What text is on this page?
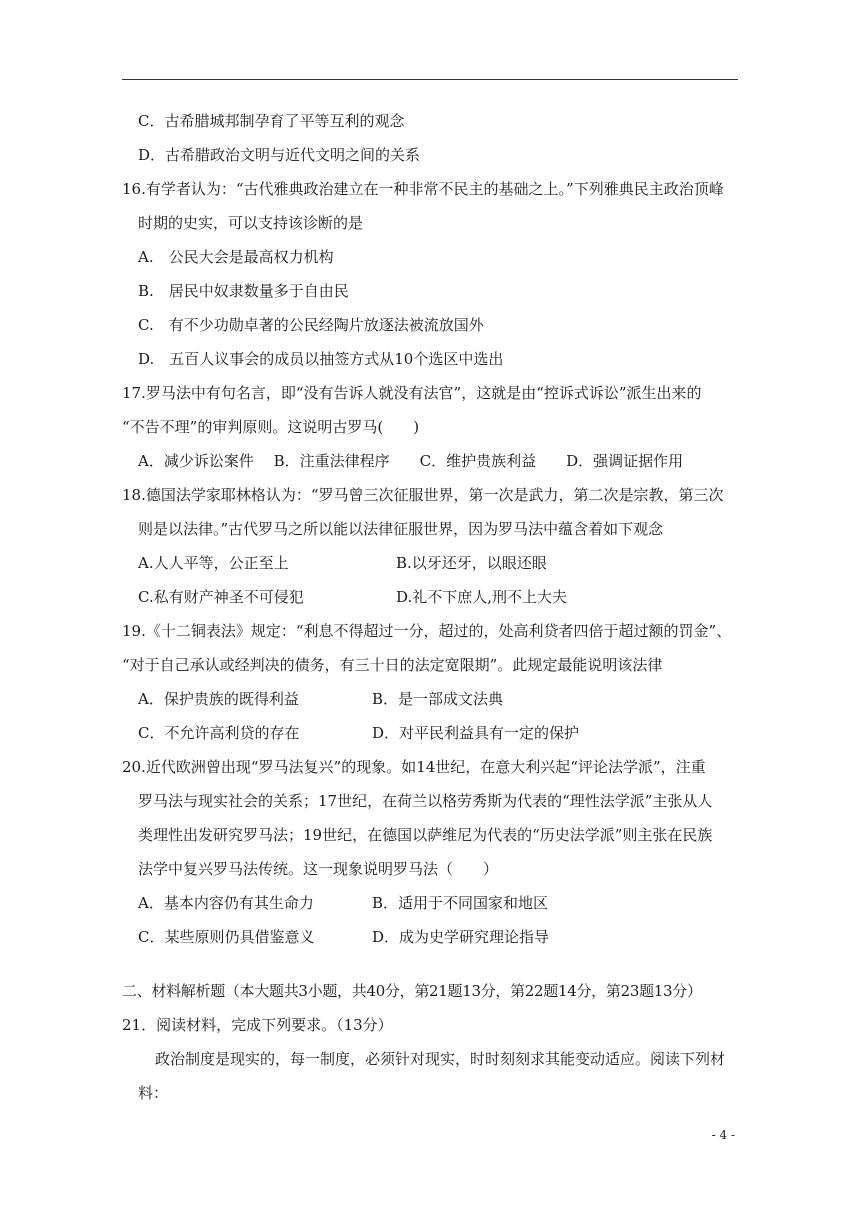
C．古希腊城邦制孕育了平等互利的观念
D．古希腊政治文明与近代文明之间的关系
16.有学者认为：“古代雅典政治建立在一种非常不民主的基础之上。”下列雅典民主政治顶峰
时期的史实，可以支持该诊断的是
A.　公民大会是最高权力机构
B.　居民中奴隶数量多于自由民
C.　有不少功勋卓著的公民经陶片放逐法被流放国外
D.　五百人议事会的成员以抽签方式从10个选区中选出
17.罗马法中有句名言，即“没有告诉人就没有法官”，这就是由“控诉式诉讼”派生出来的
“不告不理”的审判原则。这说明古罗马(　　)
A．减少诉讼案件　 B．注重法律程序　　C．维护贵族利益　　D．强调证据作用
18.德国法学家耶林格认为：“罗马曾三次征服世界，第一次是武力，第二次是宗教，第三次
则是以法律。”古代罗马之所以能以法律征服世界，因为罗马法中蕴含着如下观念
A.人人平等，公正至上	B.以牙还牙，以眼还眼
C.私有财产神圣不可侵犯	D.礼不下庶人,刑不上大夫
19.《十二铜表法》规定：“利息不得超过一分，超过的，处高利贷者四倍于超过额的罚金”、
“对于自己承认或经判决的债务，有三十日的法定宽限期”。此规定最能说明该法律
A．保护贵族的既得利益	B．是一部成文法典
C．不允许高利贷的存在	D．对平民利益具有一定的保护
20.近代欧洲曾出现“罗马法复兴”的现象。如14世纪，在意大利兴起“评论法学派”，注重
罗马法与现实社会的关系；17世纪，在荷兰以格劳秀斯为代表的“理性法学派”主张从人
类理性出发研究罗马法；19世纪，在德国以萨维尼为代表的“历史法学派”则主张在民族
法学中复兴罗马法传统。这一现象说明罗马法（　　）
A．基本内容仍有其生命力	B．适用于不同国家和地区
C．某些原则仍具借鉴意义	D．成为史学研究理论指导
二、材料解析题（本大题共3小题，共40分，第21题13分，第22题14分，第23题13分）
21．阅读材料，完成下列要求。（13分）
政治制度是现实的，每一制度，必须针对现实，时时刻刻求其能变动适应。阅读下列材
料：
- 4 -
